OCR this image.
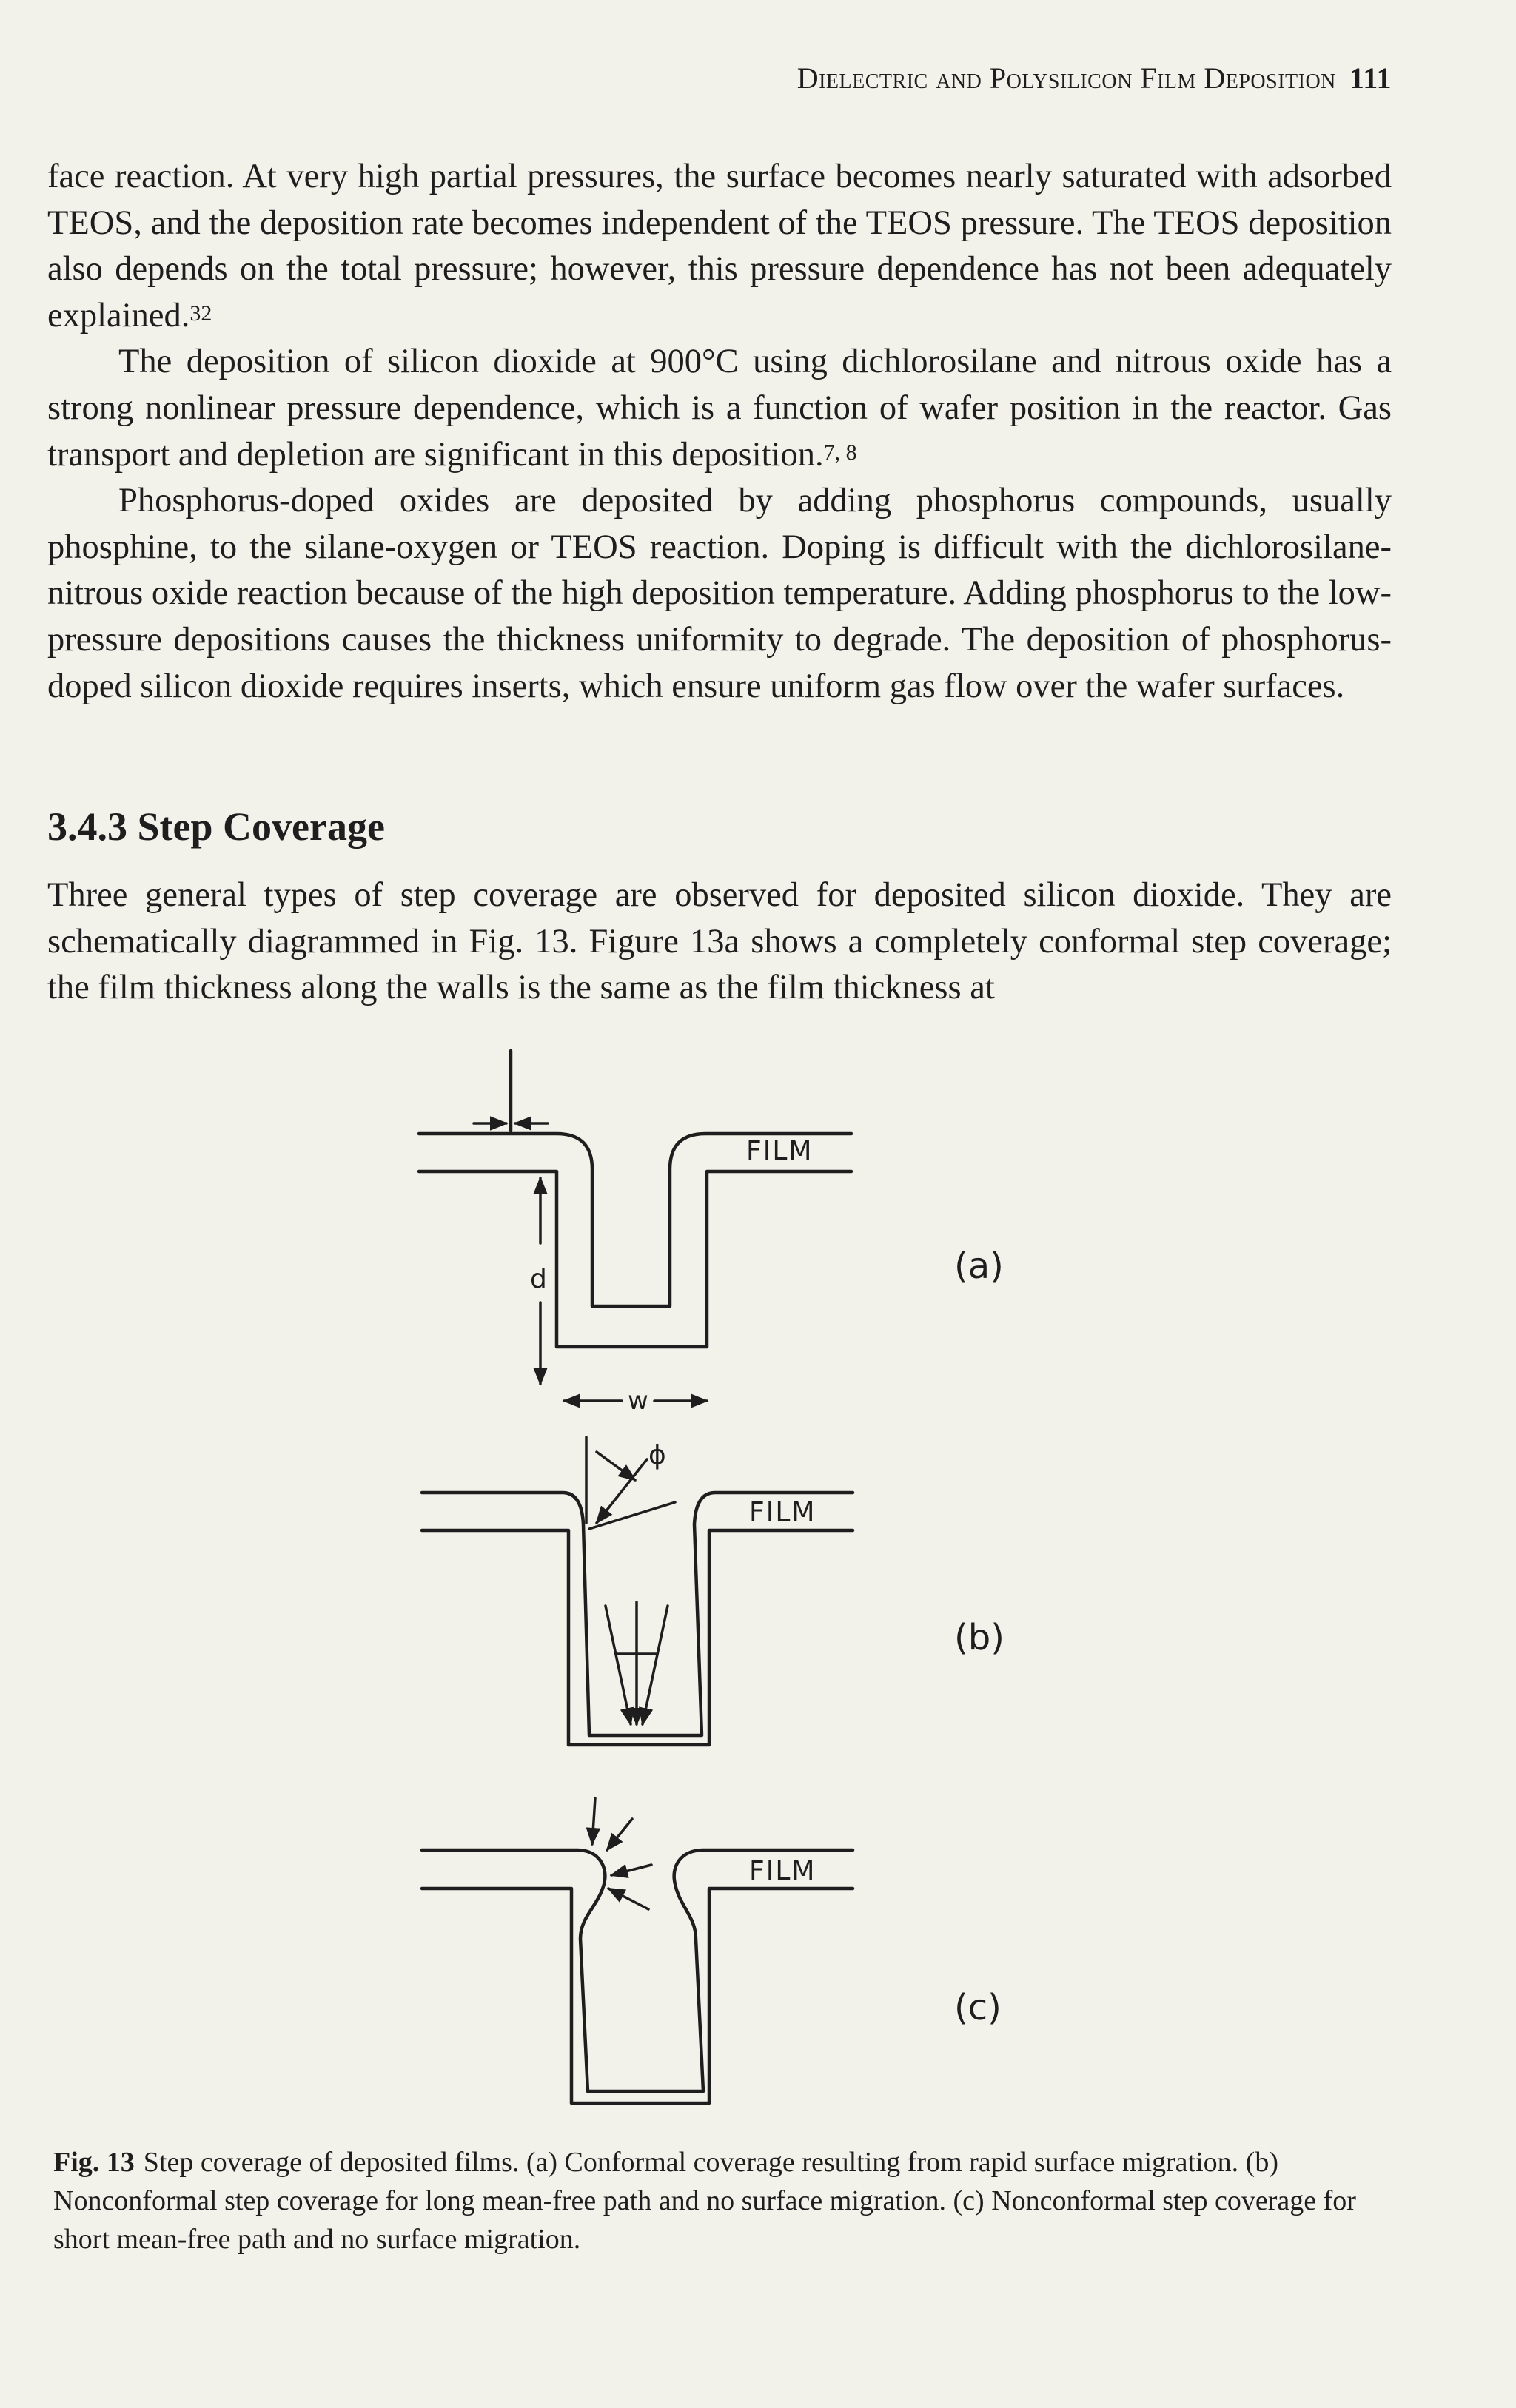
Dielectric and Polysilicon Film Deposition 111

face reaction. At very high partial pressures, the surface becomes nearly saturated with adsorbed TEOS, and the deposition rate becomes independent of the TEOS pressure. The TEOS deposition also depends on the total pressure; however, this pressure dependence has not been adequately explained.$^{32}$

The deposition of silicon dioxide at 900°C using dichlorosilane and nitrous oxide has a strong nonlinear pressure dependence, which is a function of wafer position in the reactor. Gas transport and depletion are significant in this deposition.$^{7, 8}$

Phosphorus-doped oxides are deposited by adding phosphorus compounds, usually phosphine, to the silane-oxygen or TEOS reaction. Doping is difficult with the dichlorosilane-nitrous oxide reaction because of the high deposition temperature. Adding phosphorus to the low-pressure depositions causes the thickness uniformity to degrade. The deposition of phosphorus-doped silicon dioxide requires inserts, which ensure uniform gas flow over the wafer surfaces.

3.4.3 Step Coverage

Three general types of step coverage are observed for deposited silicon dioxide. They are schematically diagrammed in Fig. 13. Figure 13a shows a completely conformal step coverage; the film thickness along the walls is the same as the film thickness at

FILM
d
w
(a)
ϕ
FILM
(b)
FILM
(c)
Fig. 13 Step coverage of deposited films. (a) Conformal coverage resulting from rapid surface migration. (b) Nonconformal step coverage for long mean-free path and no surface migration. (c) Nonconformal step coverage for short mean-free path and no surface migration.
